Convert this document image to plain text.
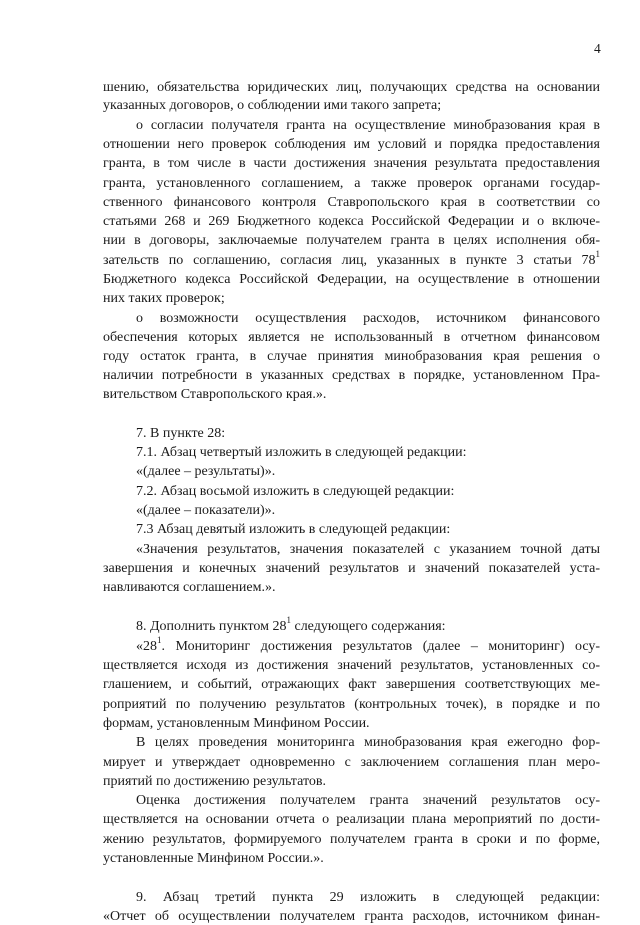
4
шению, обязательства юридических лиц, получающих средства на основании
указанных договоров, о соблюдении ими такого запрета;
о согласии получателя гранта на осуществление минобразования края в
отношении него проверок соблюдения им условий и порядка предоставления
гранта, в том числе в части достижения значения результата предоставления
гранта, установленного соглашением, а также проверок органами государ-
ственного финансового контроля Ставропольского края в соответствии со
статьями 268 и 269 Бюджетного кодекса Российской Федерации и о включе-
нии в договоры, заключаемые получателем гранта в целях исполнения обя-
зательств по соглашению, согласия лиц, указанных в пункте 3 статьи $78^1$
Бюджетного кодекса Российской Федерации, на осуществление в отношении
них таких проверок;
о возможности осуществления расходов, источником финансового
обеспечения которых является не использованный в отчетном финансовом
году остаток гранта, в случае принятия минобразования края решения о
наличии потребности в указанных средствах в порядке, установленном Пра-
вительством Ставропольского края.».
7. В пункте 28:
7.1. Абзац четвертый изложить в следующей редакции:
«(далее – результаты)».
7.2. Абзац восьмой изложить в следующей редакции:
«(далее – показатели)».
7.3 Абзац девятый изложить в следующей редакции:
«Значения результатов, значения показателей с указанием точной даты
завершения и конечных значений результатов и значений показателей уста-
навливаются соглашением.».
8. Дополнить пунктом $28^1$ следующего содержания:
«$28^1$. Мониторинг достижения результатов (далее – мониторинг) осу-
ществляется исходя из достижения значений результатов, установленных со-
глашением, и событий, отражающих факт завершения соответствующих ме-
роприятий по получению результатов (контрольных точек), в порядке и по
формам, установленным Минфином России.
В целях проведения мониторинга минобразования края ежегодно фор-
мирует и утверждает одновременно с заключением соглашения план меро-
приятий по достижению результатов.
Оценка достижения получателем гранта значений результатов осу-
ществляется на основании отчета о реализации плана мероприятий по дости-
жению результатов, формируемого получателем гранта в сроки и по форме,
установленные Минфином России.».
9. Абзац третий пункта 29 изложить в следующей редакции:
«Отчет об осуществлении получателем гранта расходов, источником финан-
